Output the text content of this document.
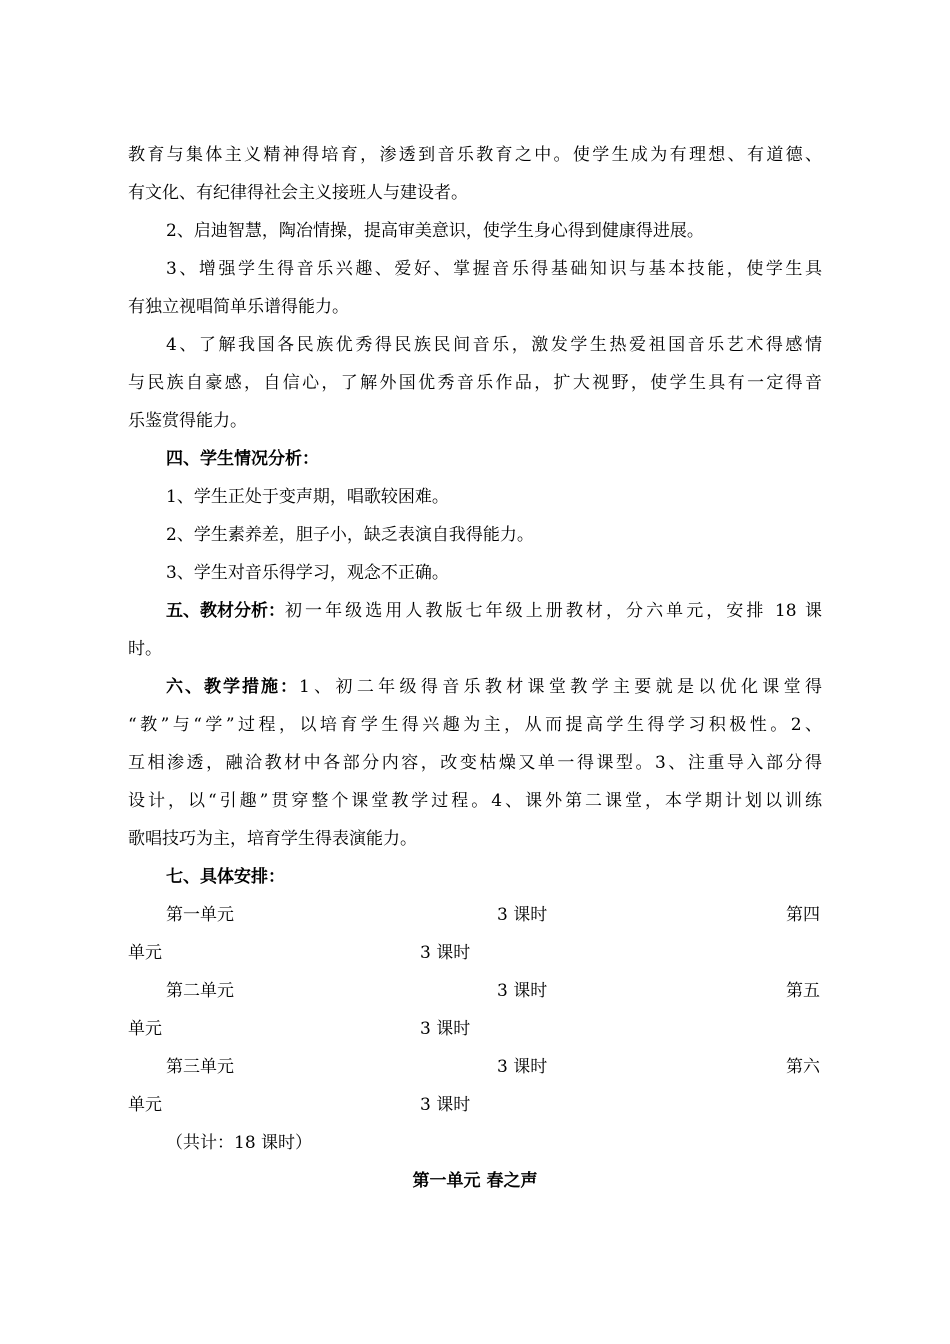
教育与集体主义精神得培育，渗透到音乐教育之中。使学生成为有理想、有道德、
有文化、有纪律得社会主义接班人与建设者。
2、启迪智慧，陶冶情操，提高审美意识，使学生身心得到健康得进展。
3、增强学生得音乐兴趣、爱好、掌握音乐得基础知识与基本技能，使学生具
有独立视唱简单乐谱得能力。
4、了解我国各民族优秀得民族民间音乐，激发学生热爱祖国音乐艺术得感情
与民族自豪感，自信心，了解外国优秀音乐作品，扩大视野，使学生具有一定得音
乐鉴赏得能力。
四、学生情况分析：
1、学生正处于变声期，唱歌较困难。
2、学生素养差，胆子小，缺乏表演自我得能力。
3、学生对音乐得学习，观念不正确。
五、教材分析： 初一年级选用人教版七年级上册教材，分六单元，安排 18 课
时。
六、教学措施： 1、初二年级得音乐教材课堂教学主要就是以优化课堂得
“教”与“学”过程，以培育学生得兴趣为主，从而提高学生得学习积极性。2、
互相渗透，融洽教材中各部分内容，改变枯燥又单一得课型。3、注重导入部分得
设计，以“引趣”贯穿整个课堂教学过程。4、课外第二课堂，本学期计划以训练
歌唱技巧为主，培育学生得表演能力。
七、具体安排：
第一单元	3 课时	第四
单元	3 课时
第二单元	3 课时	第五
单元	3 课时
第三单元	3 课时	第六
单元	3 课时
（共计：18 课时）
第一单元 春之声
